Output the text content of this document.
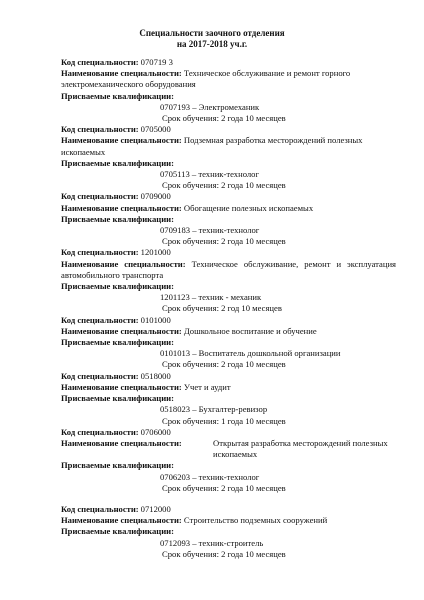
Специальности заочного отделения
на 2017-2018 уч.г.
Код специальности: 070719 3
Наименование специальности: Техническое обслуживание и ремонт горного электромеханического оборудования
Присваемые квалификации:
0707193 – Электромеханик
Срок обучения: 2 года 10 месяцев
Код специальности: 0705000
Наименование специальности: Подземная разработка месторождений полезных ископаемых
Присваемые квалификации:
0705113 – техник-технолог
Срок обучения: 2 года 10 месяцев
Код специальности: 0709000
Наименование специальности: Обогащение полезных ископаемых
Присваемые квалификации:
0709183 – техник-технолог
Срок обучения: 2 года 10 месяцев
Код специальности: 1201000
Наименование специальности: Техническое обслуживание, ремонт и эксплуатация автомобильного транспорта
Присваемые квалификации:
1201123 – техник - механик
Срок обучения: 2 год 10 месяцев
Код специальности: 0101000
Наименование специальности: Дошкольное воспитание и обучение
Присваемые квалификации:
0101013 – Воспитатель дошкольной организации
Срок обучения: 2 года 10 месяцев
Код специальности: 0518000
Наименование специальности: Учет и аудит
Присваемые квалификации:
0518023 – Бухгалтер-ревизор
Срок обучения: 1 года 10 месяцев
Код специальности: 0706000
Наименование специальности:	Открытая разработка месторождений полезных ископаемых
Присваемые квалификации:
0706203 – техник-технолог
Срок обучения: 2 года 10 месяцев
Код специальности: 0712000
Наименование специальности: Строительство подземных сооружений
Присваемые квалификации:
0712093 – техник-строитель
Срок обучения: 2 года 10 месяцев
